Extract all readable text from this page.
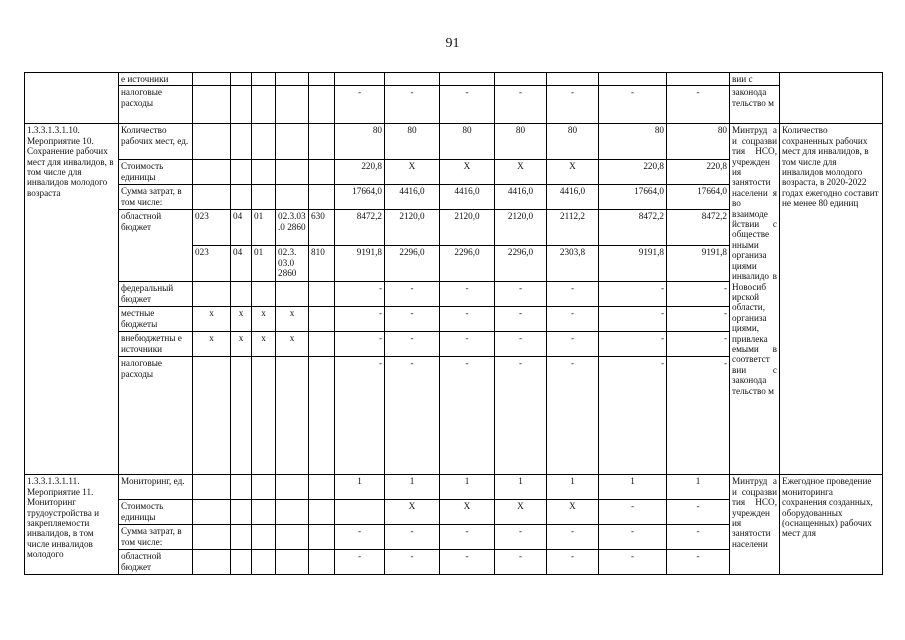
91
	е источники													вии с	
	налоговые расходы						-	-	-	-	-	-	-	законода тельство м	
1.3.3.1.3.1.10. Мероприятие 10. Сохранение рабочих мест для инвалидов, в том числе для инвалидов молодого возраста	Количество рабочих мест, ед.						80	80	80	80	80	80	80	Минтруд а и соцразви тия НСО, учрежден ия занятости населени я во взаимоде йствии с обществе нными организа циями инвалидо в Новосиб ирской области, организа циями, привлека емыми в соответст вии с законода тельство м	Количество сохраненных рабочих мест для инвалидов, в том числе для инвалидов молодого возраста, в 2020-2022 годах ежегодно составит не менее 80 единиц
	Стоимость единицы						220,8	Х	Х	Х	Х	220,8	220,8		
	Сумма затрат, в том числе:						17664,0	4416,0	4416,0	4416,0	4416,0	17664,0	17664,0		
	областной бюджет	023	04	01	02.3.03.0 2860	630	8472,2	2120,0	2120,0	2120,0	2112,2	8472,2	8472,2		
		023	04	01	02.3. 03.0 2860	810	9191,8	2296,0	2296,0	2296,0	2303,8	9191,8	9191,8		
	федеральный бюджет						-	-	-	-	-	-	-		
	местные бюджеты	x	x	x	x		-	-	-	-	-	-	-		
	внебюджетны е источники	x	x	x	x		-	-	-	-	-	-	-		
	налоговые расходы						-	-	-	-	-	-	-		
1.3.3.1.3.1.11. Мероприятие 11. Мониторинг трудоустройства и закрепляемости инвалидов, в том числе инвалидов молодого	Мониторинг, ед.						1	1	1	1	1	1	1	Минтруд а и соцразви тия НСО, учрежден ия занятости населени	Ежегодное проведение мониторинга сохранения созданных, оборудованных (оснащенных) рабочих мест для
	Стоимость единицы							Х	Х	Х	Х	-	-		
	Сумма затрат, в том числе:						-	-	-	-	-	-	-		
	областной бюджет						-	-	-	-	-	-	-		
